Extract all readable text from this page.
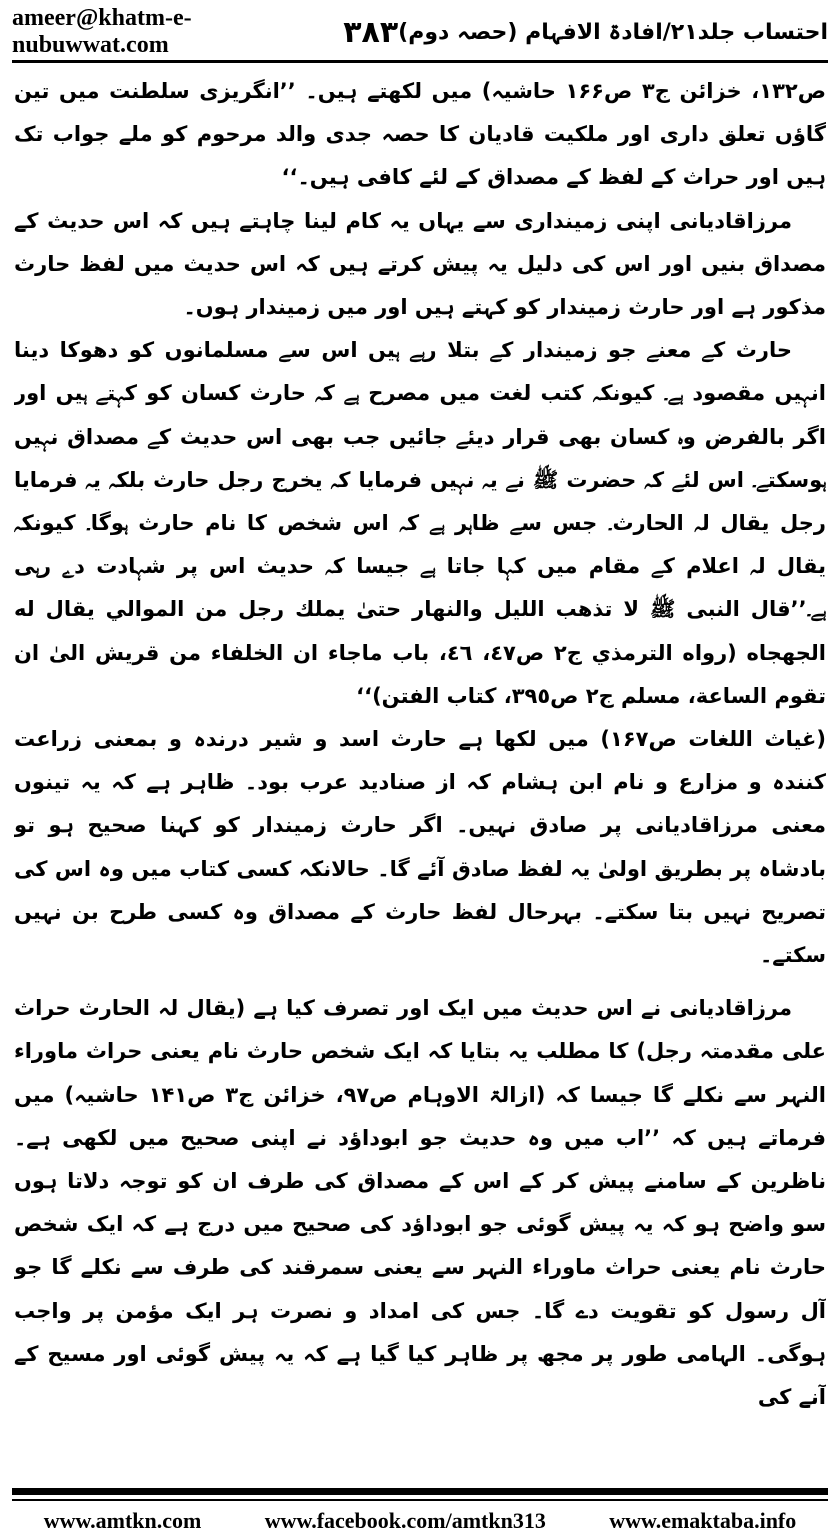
ameer@khatm-e-nubuwwat.com	٣٨٣ احتساب جلد۲۱/افادۃ الافہام (حصہ دوم)

ص۱۳۲، خزائن ج۳ ص۱۶۶ حاشیہ) میں لکھتے ہیں۔ ’’انگریزی سلطنت میں تین گاؤں تعلق داری اور ملکیت قادیان کا حصہ جدی والد مرحوم کو ملے جواب تک ہیں اور حراث کے لفظ کے مصداق کے لئے کافی ہیں۔‘‘

مرزاقادیانی اپنی زمینداری سے یہاں یہ کام لینا چاہتے ہیں کہ اس حدیث کے مصداق بنیں اور اس کی دلیل یہ پیش کرتے ہیں کہ اس حدیث میں لفظ حارث مذکور ہے اور حارث زمیندار کو کہتے ہیں اور میں زمیندار ہوں۔

حارث کے معنے جو زمیندار کے بتلا رہے ہیں اس سے مسلمانوں کو دھوکا دینا انہیں مقصود ہے۔ کیونکہ کتب لغت میں مصرح ہے کہ حارث کسان کو کہتے ہیں اور اگر بالفرض وہ کسان بھی قرار دیئے جائیں جب بھی اس حدیث کے مصداق نہیں ہوسکتے۔ اس لئے کہ حضرت ﷺ نے یہ نہیں فرمایا کہ یخرج رجل حارث بلکہ یہ فرمایا رجل یقال لہ الحارث۔ جس سے ظاہر ہے کہ اس شخص کا نام حارث ہوگا۔ کیونکہ یقال لہ اعلام کے مقام میں کہا جاتا ہے جیسا کہ حدیث اس پر شہادت دے رہی ہے۔’’قال النبی ﷺ لا تذهب الليل والنهار حتىٰ يملك رجل من الموالي يقال له الجهجاه (رواه الترمذي ج٢ ص٤٧، ٤٦، باب ماجاء ان الخلفاء من قريش الىٰ ان تقوم الساعة، مسلم ج٢ ص٣٩٥، كتاب الفتن)‘‘

(غیاث اللغات ص۱۶۷) میں لکھا ہے حارث اسد و شیر درندہ و بمعنی زراعت کنندہ و مزارع و نام ابن ہشام کہ از صنادید عرب بود۔ ظاہر ہے کہ یہ تینوں معنی مرزاقادیانی پر صادق نہیں۔ اگر حارث زمیندار کو کہنا صحیح ہو تو بادشاہ پر بطریق اولیٰ یہ لفظ صادق آئے گا۔ حالانکہ کسی کتاب میں وہ اس کی تصریح نہیں بتا سکتے۔ بہرحال لفظ حارث کے مصداق وہ کسی طرح بن نہیں سکتے۔

مرزاقادیانی نے اس حدیث میں ایک اور تصرف کیا ہے (یقال لہ الحارث حراث علی مقدمتہ رجل) کا مطلب یہ بتایا کہ ایک شخص حارث نام یعنی حراث ماوراء النہر سے نکلے گا جیسا کہ (ازالۃ الاوہام ص۹۷، خزائن ج۳ ص۱۴۱ حاشیہ) میں فرماتے ہیں کہ ’’اب میں وہ حدیث جو ابوداؤد نے اپنی صحیح میں لکھی ہے۔ ناظرین کے سامنے پیش کر کے اس کے مصداق کی طرف ان کو توجہ دلاتا ہوں سو واضح ہو کہ یہ پیش گوئی جو ابوداؤد کی صحیح میں درج ہے کہ ایک شخص حارث نام یعنی حراث ماوراء النہر سے یعنی سمرقند کی طرف سے نکلے گا جو آل رسول کو تقویت دے گا۔ جس کی امداد و نصرت ہر ایک مؤمن پر واجب ہوگی۔ الہامی طور پر مجھ پر ظاہر کیا گیا ہے کہ یہ پیش گوئی اور مسیح کے آنے کی

www.amtkn.com	www.facebook.com/amtkn313	www.emaktaba.info
